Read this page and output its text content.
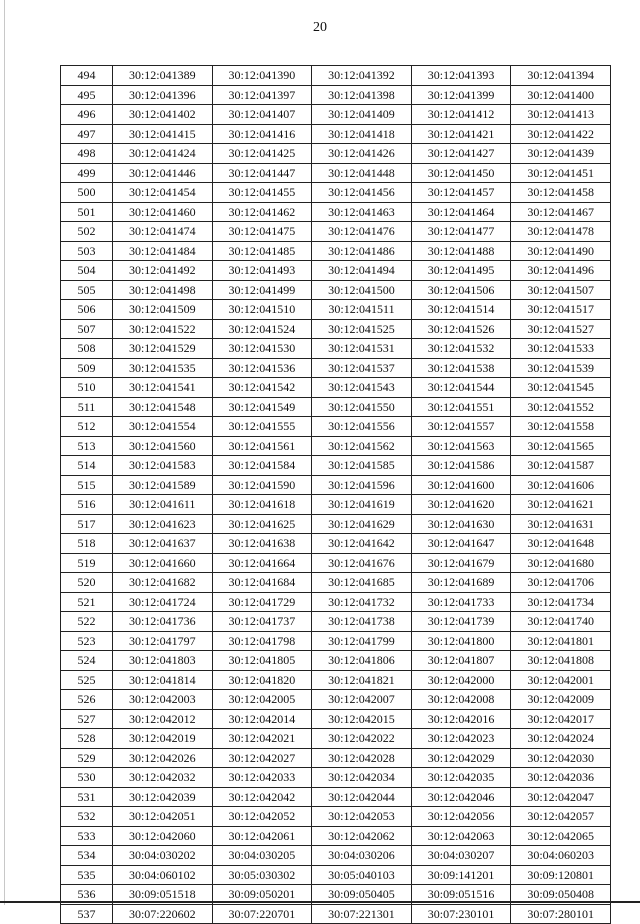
20
494	30:12:041389	30:12:041390	30:12:041392	30:12:041393	30:12:041394
495	30:12:041396	30:12:041397	30:12:041398	30:12:041399	30:12:041400
496	30:12:041402	30:12:041407	30:12:041409	30:12:041412	30:12:041413
497	30:12:041415	30:12:041416	30:12:041418	30:12:041421	30:12:041422
498	30:12:041424	30:12:041425	30:12:041426	30:12:041427	30:12:041439
499	30:12:041446	30:12:041447	30:12:041448	30:12:041450	30:12:041451
500	30:12:041454	30:12:041455	30:12:041456	30:12:041457	30:12:041458
501	30:12:041460	30:12:041462	30:12:041463	30:12:041464	30:12:041467
502	30:12:041474	30:12:041475	30:12:041476	30:12:041477	30:12:041478
503	30:12:041484	30:12:041485	30:12:041486	30:12:041488	30:12:041490
504	30:12:041492	30:12:041493	30:12:041494	30:12:041495	30:12:041496
505	30:12:041498	30:12:041499	30:12:041500	30:12:041506	30:12:041507
506	30:12:041509	30:12:041510	30:12:041511	30:12:041514	30:12:041517
507	30:12:041522	30:12:041524	30:12:041525	30:12:041526	30:12:041527
508	30:12:041529	30:12:041530	30:12:041531	30:12:041532	30:12:041533
509	30:12:041535	30:12:041536	30:12:041537	30:12:041538	30:12:041539
510	30:12:041541	30:12:041542	30:12:041543	30:12:041544	30:12:041545
511	30:12:041548	30:12:041549	30:12:041550	30:12:041551	30:12:041552
512	30:12:041554	30:12:041555	30:12:041556	30:12:041557	30:12:041558
513	30:12:041560	30:12:041561	30:12:041562	30:12:041563	30:12:041565
514	30:12:041583	30:12:041584	30:12:041585	30:12:041586	30:12:041587
515	30:12:041589	30:12:041590	30:12:041596	30:12:041600	30:12:041606
516	30:12:041611	30:12:041618	30:12:041619	30:12:041620	30:12:041621
517	30:12:041623	30:12:041625	30:12:041629	30:12:041630	30:12:041631
518	30:12:041637	30:12:041638	30:12:041642	30:12:041647	30:12:041648
519	30:12:041660	30:12:041664	30:12:041676	30:12:041679	30:12:041680
520	30:12:041682	30:12:041684	30:12:041685	30:12:041689	30:12:041706
521	30:12:041724	30:12:041729	30:12:041732	30:12:041733	30:12:041734
522	30:12:041736	30:12:041737	30:12:041738	30:12:041739	30:12:041740
523	30:12:041797	30:12:041798	30:12:041799	30:12:041800	30:12:041801
524	30:12:041803	30:12:041805	30:12:041806	30:12:041807	30:12:041808
525	30:12:041814	30:12:041820	30:12:041821	30:12:042000	30:12:042001
526	30:12:042003	30:12:042005	30:12:042007	30:12:042008	30:12:042009
527	30:12:042012	30:12:042014	30:12:042015	30:12:042016	30:12:042017
528	30:12:042019	30:12:042021	30:12:042022	30:12:042023	30:12:042024
529	30:12:042026	30:12:042027	30:12:042028	30:12:042029	30:12:042030
530	30:12:042032	30:12:042033	30:12:042034	30:12:042035	30:12:042036
531	30:12:042039	30:12:042042	30:12:042044	30:12:042046	30:12:042047
532	30:12:042051	30:12:042052	30:12:042053	30:12:042056	30:12:042057
533	30:12:042060	30:12:042061	30:12:042062	30:12:042063	30:12:042065
534	30:04:030202	30:04:030205	30:04:030206	30:04:030207	30:04:060203
535	30:04:060102	30:05:030302	30:05:040103	30:09:141201	30:09:120801
536	30:09:051518	30:09:050201	30:09:050405	30:09:051516	30:09:050408
537	30:07:220602	30:07:220701	30:07:221301	30:07:230101	30:07:280101
